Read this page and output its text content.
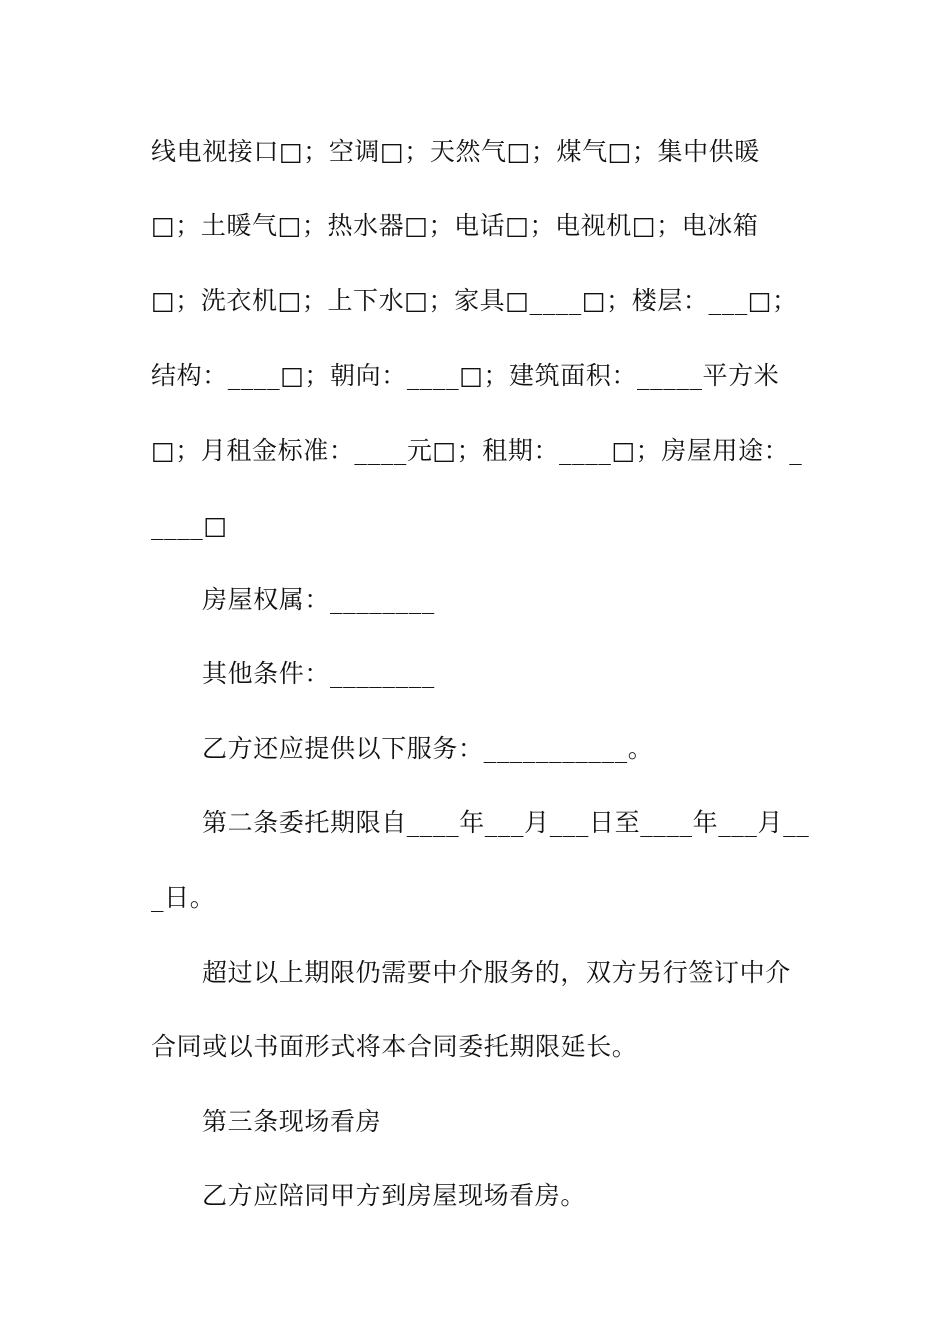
线电视接口□；空调□；天然气□；煤气□；集中供暖
□；土暖气□；热水器□；电话□；电视机□；电冰箱
□；洗衣机□；上下水□；家具□____□；楼层：___□；
结构：____□；朝向：____□；建筑面积：_____平方米
□；月租金标准：____元□；租期：____□；房屋用途：_
____□
房屋权属：________
其他条件：________
乙方还应提供以下服务：___________。
第二条委托期限自____年___月___日至____年___月__
_日。
超过以上期限仍需要中介服务的，双方另行签订中介
合同或以书面形式将本合同委托期限延长。
第三条现场看房
乙方应陪同甲方到房屋现场看房。
